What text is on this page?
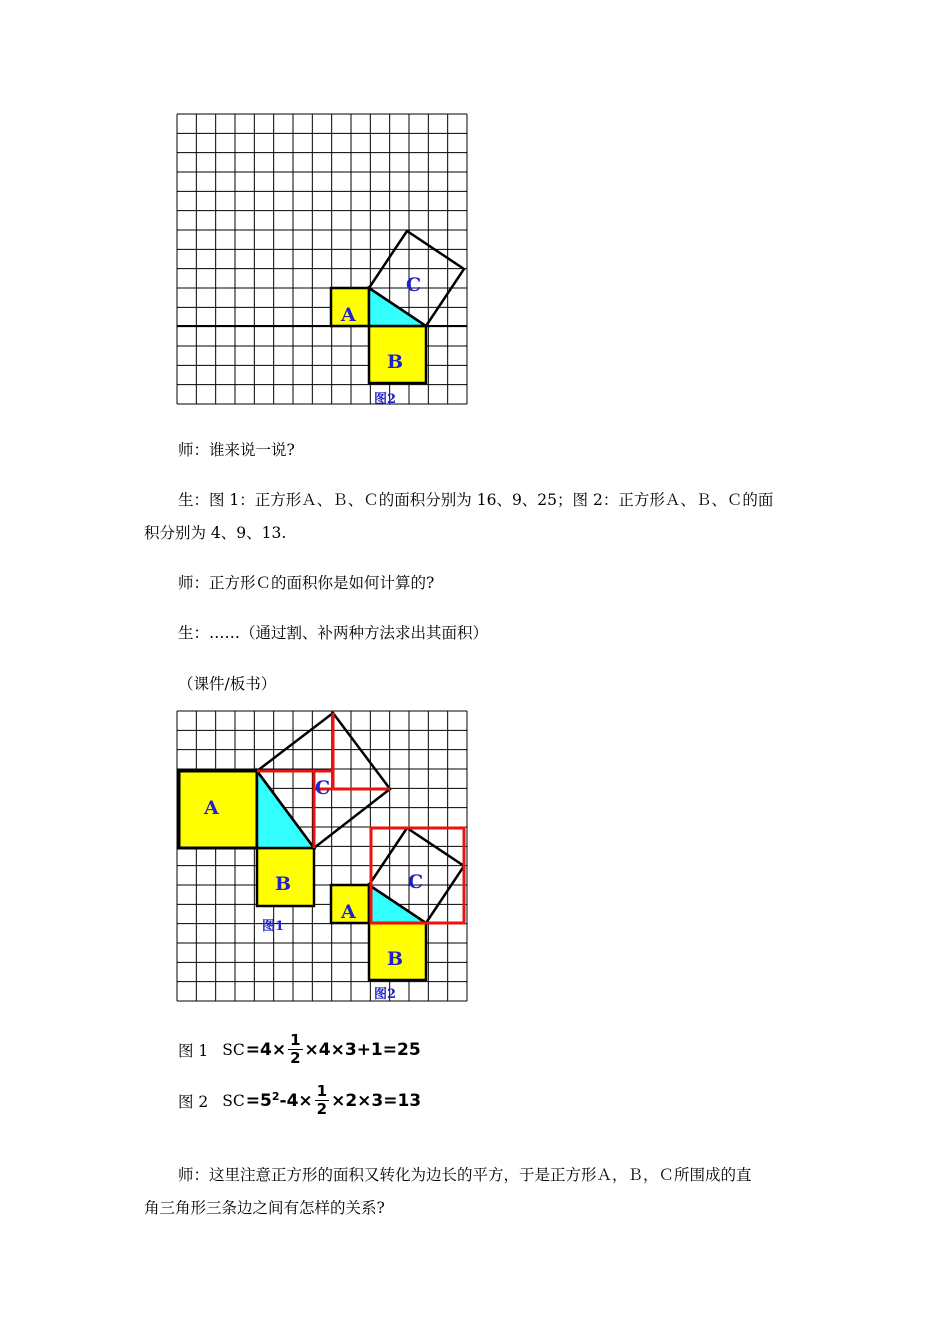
A
B
C
图2
师：谁来说一说?
生：图 1：正方形Ａ、Ｂ、Ｃ的面积分别为 16、9、25；图 2：正方形Ａ、Ｂ、Ｃ的面
积分别为 4、9、13.
师：正方形Ｃ的面积你是如何计算的?
生：……（通过割、补两种方法求出其面积）
（课件/板书）
A
B
C
图1
A
B
C
图2
图 1 SC $=4\times \frac{1}{2} \times 4\times 3+1=25$
图 2 SC $=5^2$ $-4\times \frac{1}{2} \times 2\times 3=13$
师：这里注意正方形的面积又转化为边长的平方，于是正方形Ａ，Ｂ，Ｃ所围成的直
角三角形三条边之间有怎样的关系?
